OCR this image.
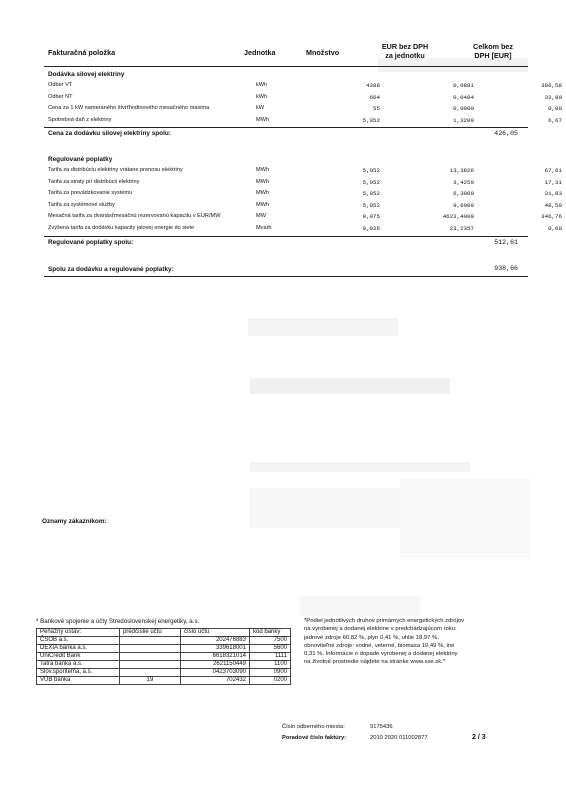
Fakturačná položka	Jednotka	Množstvo
EUR bez DPH
za jednotku
Celkom bez
DPH [EUR]
Dodávka silovej elektriny
Odber VT	kWh	4388	0,0881	386,58
Odber NT	kWh	664	0,0494	32,80
Cena za 1 kW nameraného štvrťhodinového mesačného maxima	kW	55	0,0000	0,00
Spotrebná daň z elektriny	MWh	5,052	1,3200	6,67
Cena za dodávku silovej elektriny spolu:	426,05
Regulované poplatky
Tarifa za distribúciu elektriny vrátane prenosu elektriny	MWh	5,052	13,3826	67,61
Tarifa za straty pri distribúcii elektriny	MWh	5,052	3,4259	17,31
Tarifa za prevádzkovanie systému	MWh	5,052	6,3000	31,83
Tarifa za systémové služby	MWh	5,052	9,6000	48,50
Mesačná tarifa za dvanásťmesačnú rezervovanú kapacitu v EUR/MW	MW	0,075	4623,4000	346,76
Zvýšená tarifa za dodávku kapacity jalovej energie do siete	Mvarh	0,026	23,2357	0,60
Regulované poplatky spolu:	512,61
Spolu za dodávku a regulované poplatky:	938,66
Oznamy zákazníkom:
* Bankové spojenie a účty Stredoslovenskej energetiky, a.s.
Peňažný ústav:	predčíslie účtu	číslo účtu	kód banky
ČSOB a.s.		202476883	7500
DEXIA banka a.s.		339618001	5600
UniCredit Bank		6618321014	1111
Tatra banka a.s.		2621150449	1100
Slov.sporiteľňa, a.s.		0423703090	0900
VÚB banka	19	702432	0200
*Podiel jednotlivých druhov primárnych energetických zdrojov
na vyrobenej a dodanej elektrine v predchádzajúcom roku:
jadrové zdroje 60,82 %, plyn 0,41 %, uhlie 18,97 %,
obnoviteľné zdroje: vodné, veterné, biomasa 19,49 %, iné
0,31 %. Informácie o dopade vyrobenej a dodanej elektriny
na životné prostredie nájdete na stránke www.sse.sk.*
Číslo odberného miesta:	9175436
Poradové číslo faktúry:	2010 2020 011002877	2 / 3
